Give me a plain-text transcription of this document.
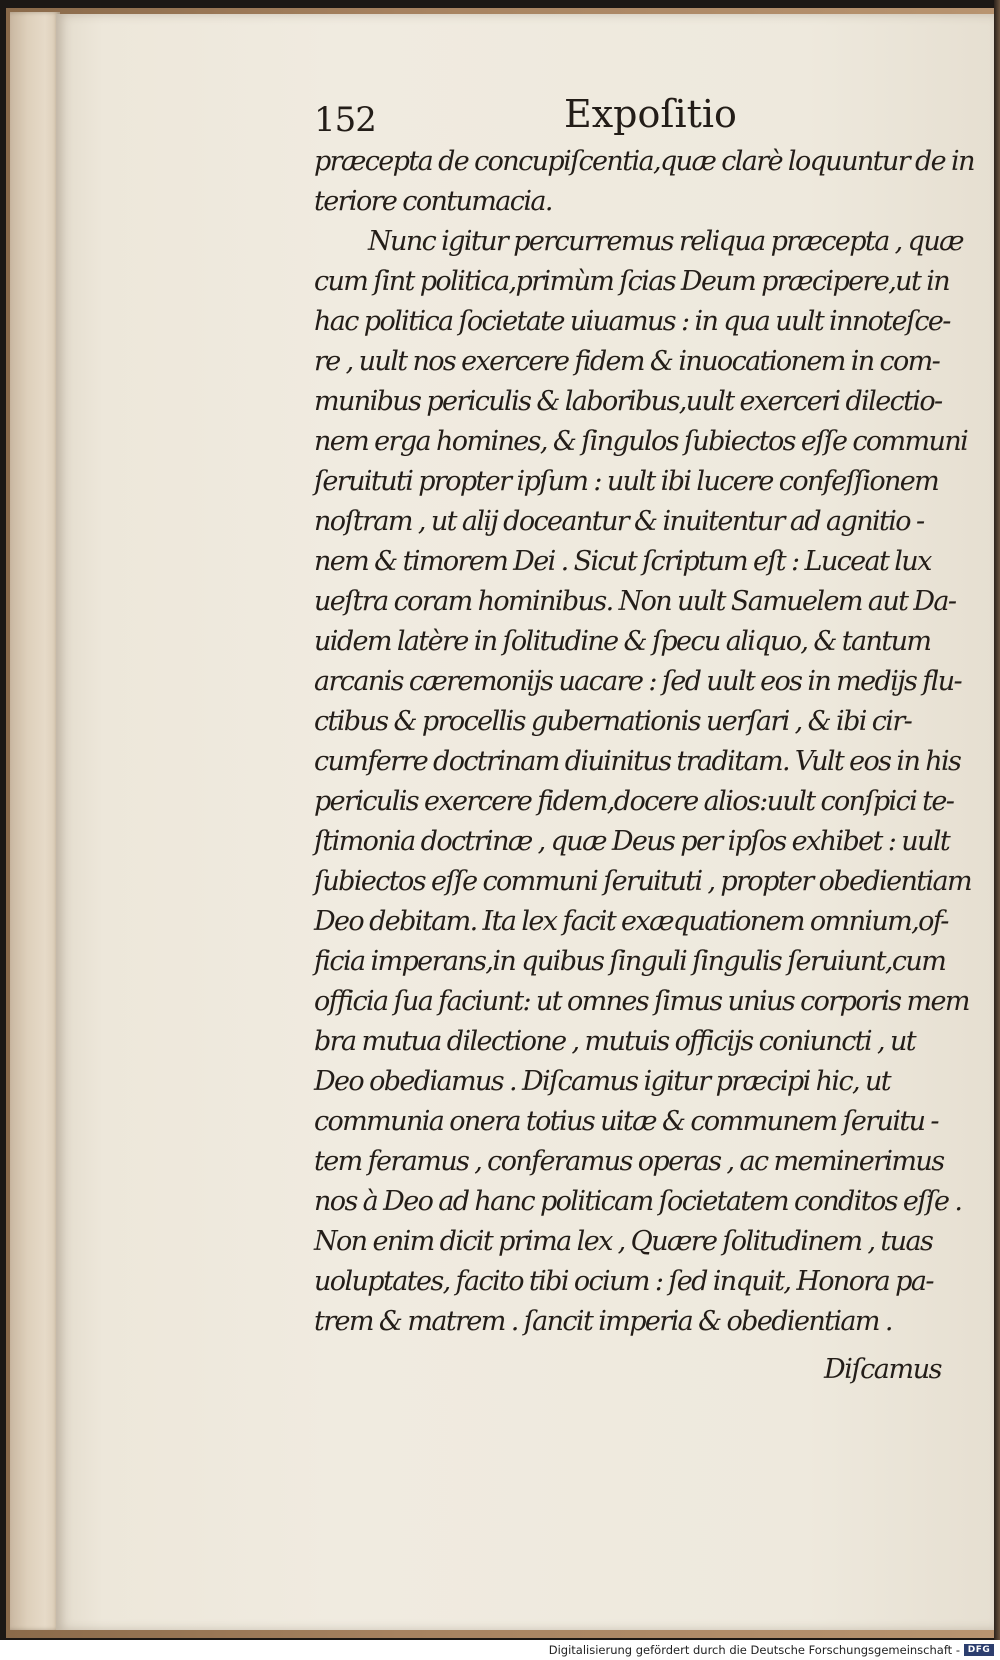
152	Expoſitio
præcepta de concupiſcentia,quæ clarè loquuntur de in
teriore contumacia.
Nunc igitur percurremus reliqua præcepta , quæ
cum ſint politica,primùm ſcias Deum præcipere,ut in
hac politica ſocietate uiuamus : in qua uult innoteſce-
re , uult nos exercere fidem & inuocationem in com-
munibus periculis & laboribus,uult exerceri dilectio-
nem erga homines, & ſingulos ſubiectos eſſe communi
ſeruituti propter ipſum : uult ibi lucere confeſſionem
noſtram , ut alij doceantur & inuitentur ad agnitio -
nem & timorem Dei . Sicut ſcriptum eſt : Luceat lux
ueſtra coram hominibus. Non uult Samuelem aut Da-
uidem latère in ſolitudine & ſpecu aliquo, & tantum
arcanis cæremonijs uacare : ſed uult eos in medijs flu-
ctibus & procellis gubernationis uerſari , & ibi cir-
cumferre doctrinam diuinitus traditam. Vult eos in his
periculis exercere fidem,docere alios:uult conſpici te-
ſtimonia doctrinæ , quæ Deus per ipſos exhibet : uult
ſubiectos eſſe communi ſeruituti , propter obedientiam
Deo debitam. Ita lex facit exæquationem omnium,of-
ficia imperans,in quibus ſinguli ſingulis ſeruiunt,cum
officia ſua faciunt: ut omnes ſimus unius corporis mem
bra mutua dilectione , mutuis officijs coniuncti , ut
Deo obediamus . Diſcamus igitur præcipi hic, ut
communia onera totius uitæ & communem ſeruitu -
tem feramus , conferamus operas , ac meminerimus
nos à Deo ad hanc politicam ſocietatem conditos eſſe .
Non enim dicit prima lex , Quære ſolitudinem , tuas
uoluptates, facito tibi ocium : ſed inquit, Honora pa-
trem & matrem . ſancit imperia & obedientiam .
Diſcamus
Digitalisierung gefördert durch die Deutsche Forschungsgemeinschaft - DFG
